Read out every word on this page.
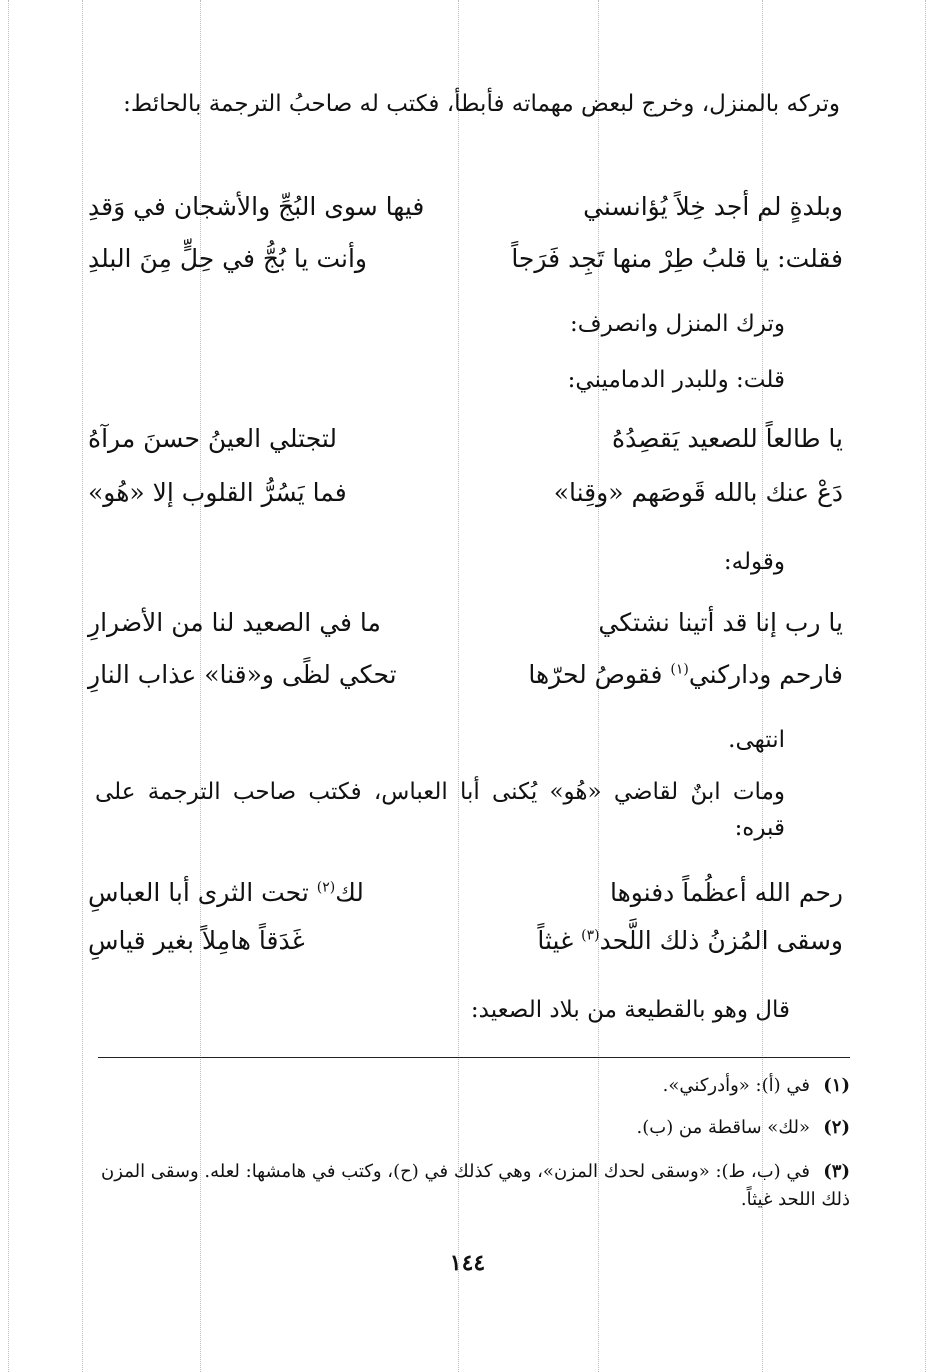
وتركه بالمنزل، وخرج لبعض مهماته فأبطأ، فكتب له صاحبُ الترجمة بالحائط:
وبلدةٍ لم أجد خِلاً يُؤانسني
فيها سوى البُجِّ والأشجان في وَقدِ
فقلت: يا قلبُ طِرْ منها تَجِد فَرَجاً
وأنت يا بُجُّ في حِلٍّ مِنَ البلدِ
وترك المنزل وانصرف:
قلت: وللبدر الدماميني:
يا طالعاً للصعيد يَقصِدُهُ
لتجتلي العينُ حسنَ مرآهُ
دَعْ عنك بالله قَوصَهم «وقِنا»
فما يَسُرُّ القلوب إلا «هُو»
وقوله:
يا رب إنا قد أتينا نشتكي
ما في الصعيد لنا من الأضرارِ
فارحم وداركني$^{(١)}$ فقوصُ لحرّها
تحكي لظًى و«قنا» عذاب النارِ
انتهى.
ومات ابنٌ لقاضي «هُو» يُكنى أبا العباس، فكتب صاحب الترجمة على قبره:
رحم الله أعظُماً دفنوها
لك$^{(٢)}$ تحت الثرى أبا العباسِ
وسقى المُزنُ ذلك اللَّحد$^{(٣)}$ غيثاً
غَدَقاً هامِلاً بغير قياسِ
قال وهو بالقطيعة من بلاد الصعيد:
(١)في (أ): «وأدركني».
(٢)«لك» ساقطة من (ب).
(٣)في (ب، ط): «وسقى لحدك المزن»، وهي كذلك في (ح)، وكتب في هامشها: لعله. وسقى المزن ذلك اللحد غيثاً.
١٤٤
